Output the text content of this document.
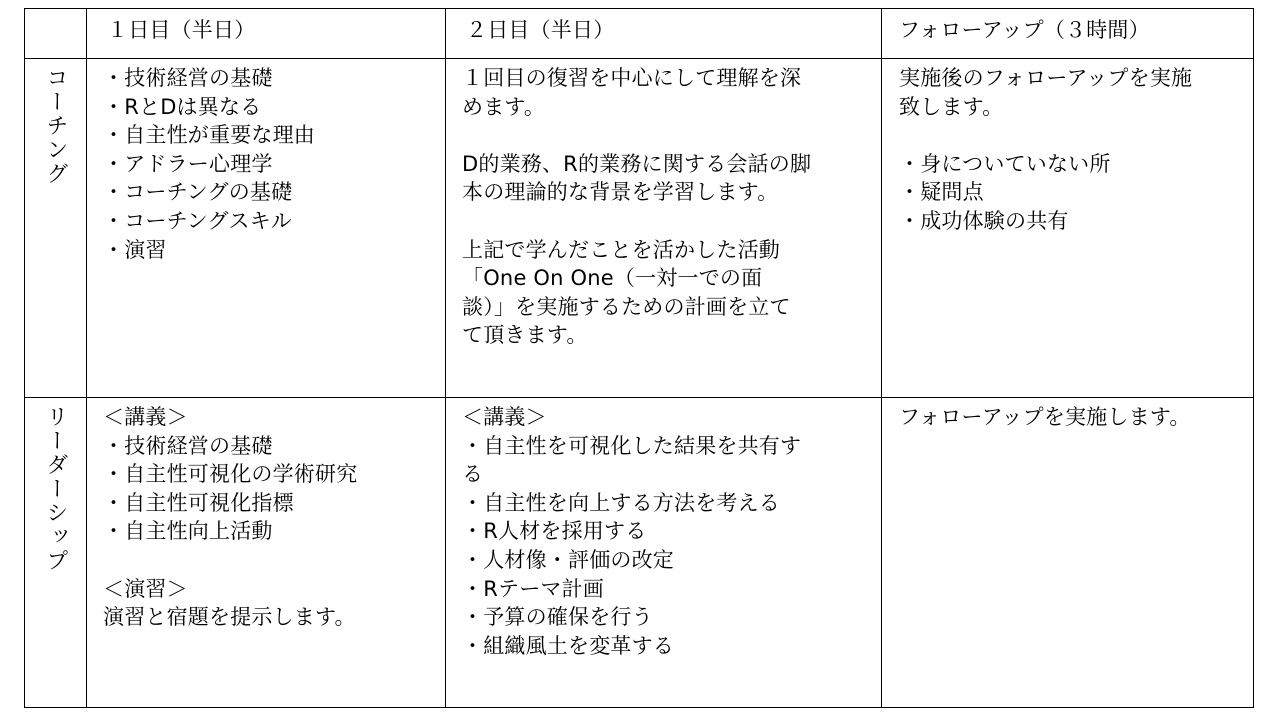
１日目（半日）	２日目（半日）	フォローアップ（３時間）
コーチング
リーダーシップ
・技術経営の基礎
・RとDは異なる
・自主性が重要な理由
・アドラー心理学
・コーチングの基礎
・コーチングスキル
・演習
１回目の復習を中心にして理解を深
めます。
D的業務、R的業務に関する会話の脚
本の理論的な背景を学習します。
上記で学んだことを活かした活動
「One On One（一対一での面
談）」を実施するための計画を立て
て頂きます。
実施後のフォローアップを実施
致します。
・身についていない所
・疑問点
・成功体験の共有
＜講義＞
・技術経営の基礎
・自主性可視化の学術研究
・自主性可視化指標
・自主性向上活動
＜演習＞
演習と宿題を提示します。
＜講義＞
・自主性を可視化した結果を共有す
る
・自主性を向上する方法を考える
・R人材を採用する
・人材像・評価の改定
・Rテーマ計画
・予算の確保を行う
・組織風土を変革する
フォローアップを実施します。
